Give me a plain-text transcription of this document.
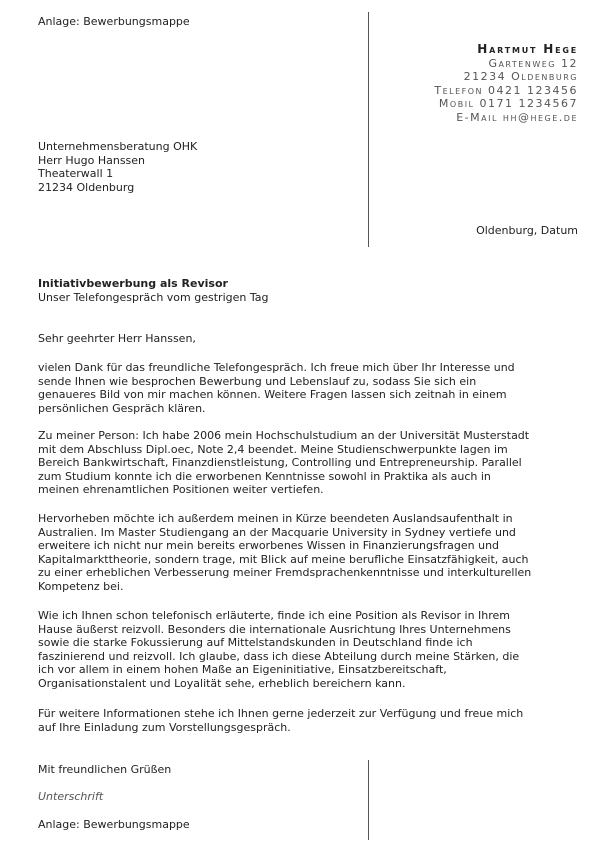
Anlage: Bewerbungsmappe
Hartmut Hege
Gartenweg 12
21234 Oldenburg
Telefon 0421 123456
Mobil 0171 1234567
E-Mail hh@hege.de
Unternehmensberatung OHK
Herr Hugo Hanssen
Theaterwall 1
21234 Oldenburg
Oldenburg, Datum
Initiativbewerbung als Revisor
Unser Telefongespräch vom gestrigen Tag
Sehr geehrter Herr Hanssen,
vielen Dank für das freundliche Telefongespräch. Ich freue mich über Ihr Interesse und
sende Ihnen wie besprochen Bewerbung und Lebenslauf zu, sodass Sie sich ein
genaueres Bild von mir machen können. Weitere Fragen lassen sich zeitnah in einem
persönlichen Gespräch klären.
Zu meiner Person: Ich habe 2006 mein Hochschulstudium an der Universität Musterstadt
mit dem Abschluss Dipl.oec, Note 2,4 beendet. Meine Studienschwerpunkte lagen im
Bereich Bankwirtschaft, Finanzdienstleistung, Controlling und Entrepreneurship. Parallel
zum Studium konnte ich die erworbenen Kenntnisse sowohl in Praktika als auch in
meinen ehrenamtlichen Positionen weiter vertiefen.
Hervorheben möchte ich außerdem meinen in Kürze beendeten Auslandsaufenthalt in
Australien. Im Master Studiengang an der Macquarie University in Sydney vertiefe und
erweitere ich nicht nur mein bereits erworbenes Wissen in Finanzierungsfragen und
Kapitalmarkttheorie, sondern trage, mit Blick auf meine berufliche Einsatzfähigkeit, auch
zu einer erheblichen Verbesserung meiner Fremdsprachenkenntnisse und interkulturellen
Kompetenz bei.
Wie ich Ihnen schon telefonisch erläuterte, finde ich eine Position als Revisor in Ihrem
Hause äußerst reizvoll. Besonders die internationale Ausrichtung Ihres Unternehmens
sowie die starke Fokussierung auf Mittelstandskunden in Deutschland finde ich
faszinierend und reizvoll. Ich glaube, dass ich diese Abteilung durch meine Stärken, die
ich vor allem in einem hohen Maße an Eigeninitiative, Einsatzbereitschaft,
Organisationstalent und Loyalität sehe, erheblich bereichern kann.
Für weitere Informationen stehe ich Ihnen gerne jederzeit zur Verfügung und freue mich
auf Ihre Einladung zum Vorstellungsgespräch.
Mit freundlichen Grüßen
Unterschrift
Anlage: Bewerbungsmappe
